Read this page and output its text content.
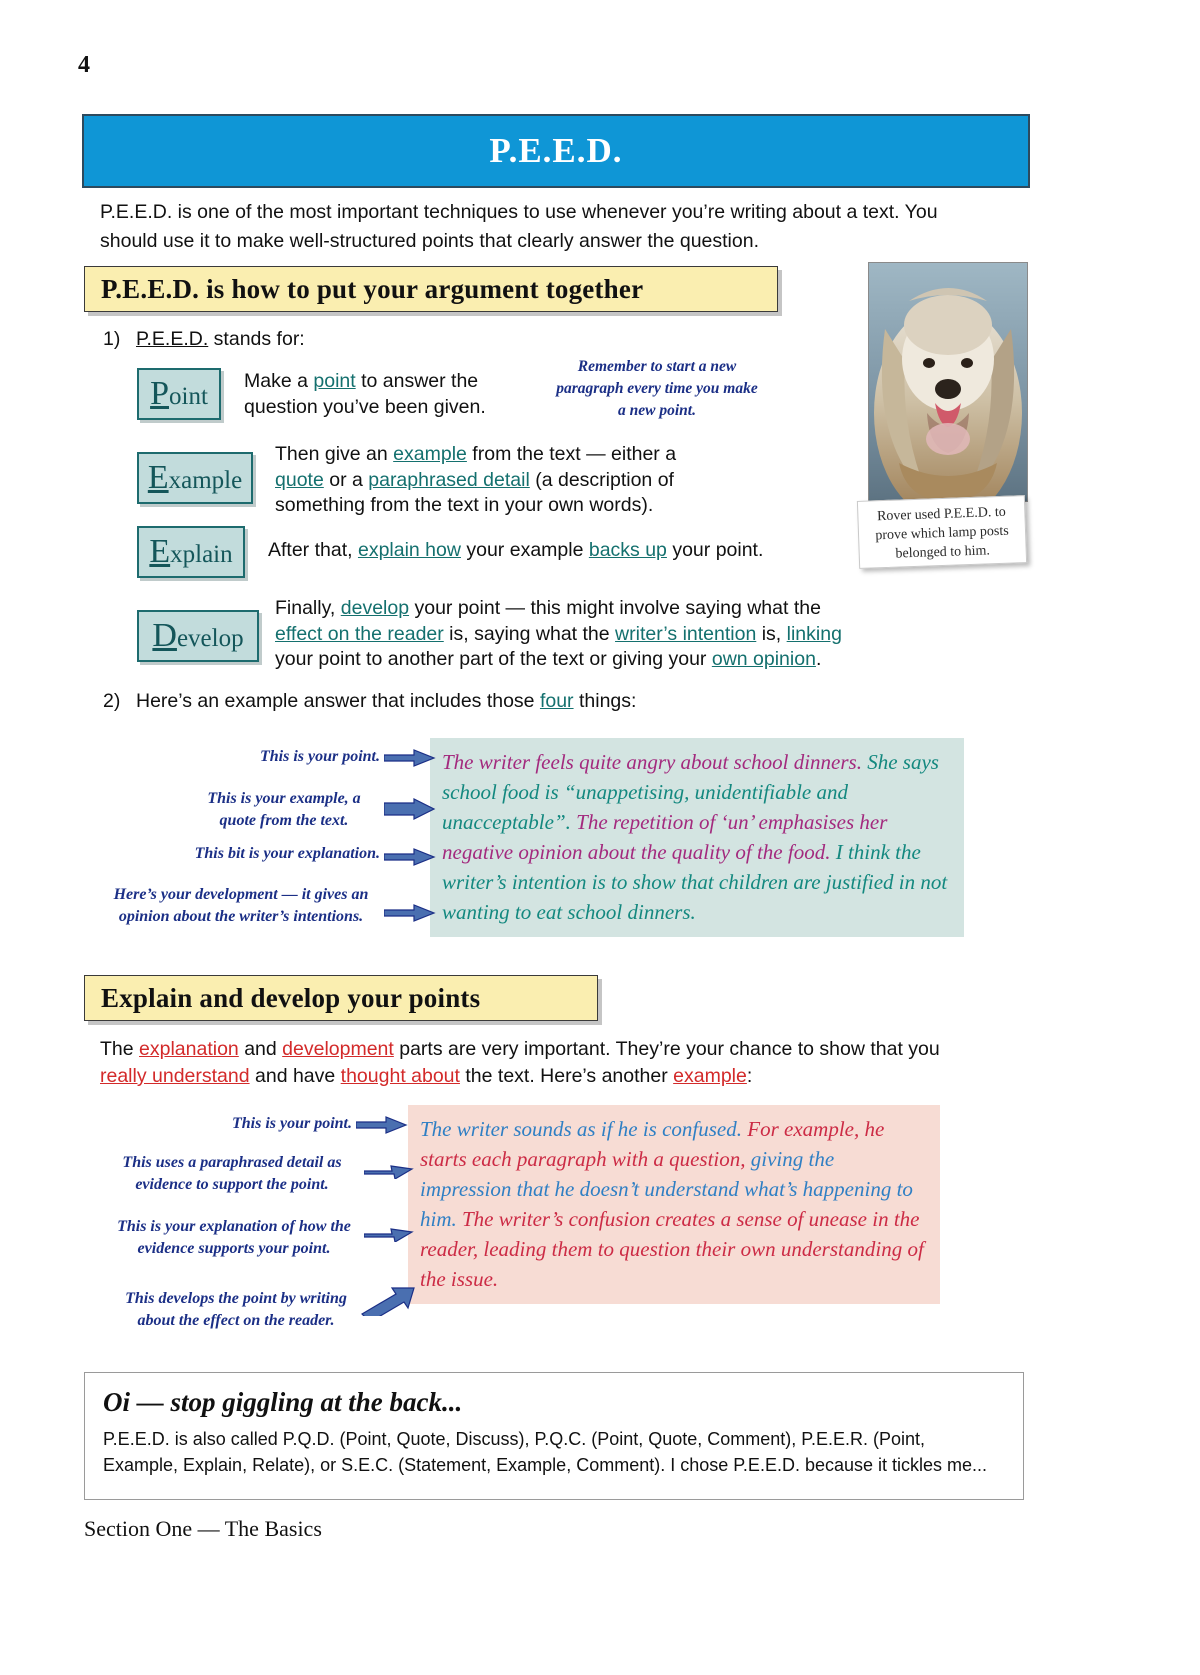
4
P.E.E.D.
P.E.E.D. is one of the most important techniques to use whenever you’re writing about a text. You should use it to make well-structured points that clearly answer the question.
P.E.E.D. is how to put your argument together
1) P.E.E.D. stands for:
Point
Example
Explain
Develop
Make a point to answer the question you’ve been given.
Then give an example from the text — either a quote or a paraphrased detail (a description of something from the text in your own words).
After that, explain how your example backs up your point.
Finally, develop your point — this might involve saying what the effect on the reader is, saying what the writer’s intention is, linking your point to another part of the text or giving your own opinion.
Remember to start a new paragraph every time you make a new point.
Rover used P.E.E.D. to prove which lamp posts belonged to him.
2) Here’s an example answer that includes those four things:
The writer feels quite angry about school dinners. She says school food is “unappetising, unidentifiable and unacceptable”. The repetition of ‘un’ emphasises her negative opinion about the quality of the food. I think the writer’s intention is to show that children are justified in not wanting to eat school dinners.
This is your point.
This is your example, a quote from the text.
This bit is your explanation.
Here’s your development — it gives an opinion about the writer’s intentions.
Explain and develop your points
The explanation and development parts are very important. They’re your chance to show that you really understand and have thought about the text. Here’s another example:
The writer sounds as if he is confused. For example, he starts each paragraph with a question, giving the impression that he doesn’t understand what’s happening to him. The writer’s confusion creates a sense of unease in the reader, leading them to question their own understanding of the issue.
This is your point.
This uses a paraphrased detail as evidence to support the point.
This is your explanation of how the evidence supports your point.
This develops the point by writing about the effect on the reader.
Oi — stop giggling at the back...

P.E.E.D. is also called P.Q.D. (Point, Quote, Discuss), P.Q.C. (Point, Quote, Comment), P.E.E.R. (Point, Example, Explain, Relate), or S.E.C. (Statement, Example, Comment). I chose P.E.E.D. because it tickles me...

Section One — The Basics
